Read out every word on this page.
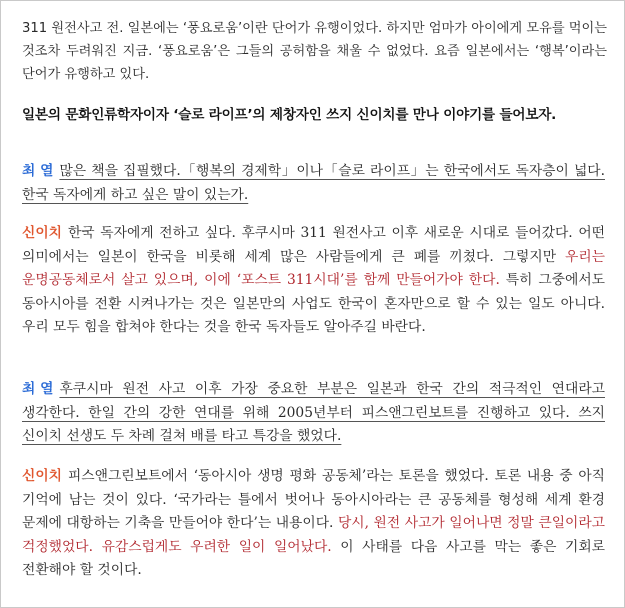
311 원전사고 전. 일본에는 ‘풍요로움’이란 단어가 유행이었다. 하지만 엄마가 아이에게 모유를 먹이는 것조차 두려워진 지금. ‘풍요로움’은 그들의 공허함을 채울 수 없었다. 요즘 일본에서는 ‘행복’이라는 단어가 유행하고 있다.

일본의 문화인류학자이자 ‘슬로 라이프’의 제창자인 쓰지 신이치를 만나 이야기를 들어보자.

최 열 많은 책을 집필했다.「행복의 경제학」이나「슬로 라이프」는 한국에서도 독자층이 넓다. 한국 독자에게 하고 싶은 말이 있는가.

신이치 한국 독자에게 전하고 싶다. 후쿠시마 311 원전사고 이후 새로운 시대로 들어갔다. 어떤 의미에서는 일본이 한국을 비롯해 세계 많은 사람들에게 큰 폐를 끼쳤다. 그렇지만 우리는 운명공동체로서 살고 있으며, 이에 ‘포스트 311시대’를 함께 만들어가야 한다. 특히 그중에서도 동아시아를 전환 시켜나가는 것은 일본만의 사업도 한국이 혼자만으로 할 수 있는 일도 아니다. 우리 모두 힘을 합쳐야 한다는 것을 한국 독자들도 알아주길 바란다.

최 열 후쿠시마 원전 사고 이후 가장 중요한 부분은 일본과 한국 간의 적극적인 연대라고 생각한다. 한일 간의 강한 연대를 위해 2005년부터 피스앤그린보트를 진행하고 있다. 쓰지 신이치 선생도 두 차례 걸쳐 배를 타고 특강을 했었다.

신이치 피스앤그린보트에서 ‘동아시아 생명 평화 공동체’라는 토론을 했었다. 토론 내용 중 아직 기억에 남는 것이 있다. ‘국가라는 틀에서 벗어나 동아시아라는 큰 공동체를 형성해 세계 환경 문제에 대항하는 기축을 만들어야 한다’는 내용이다. 당시, 원전 사고가 일어나면 정말 큰일이라고 걱정했었다. 유감스럽게도 우려한 일이 일어났다. 이 사태를 다음 사고를 막는 좋은 기회로 전환해야 할 것이다.
